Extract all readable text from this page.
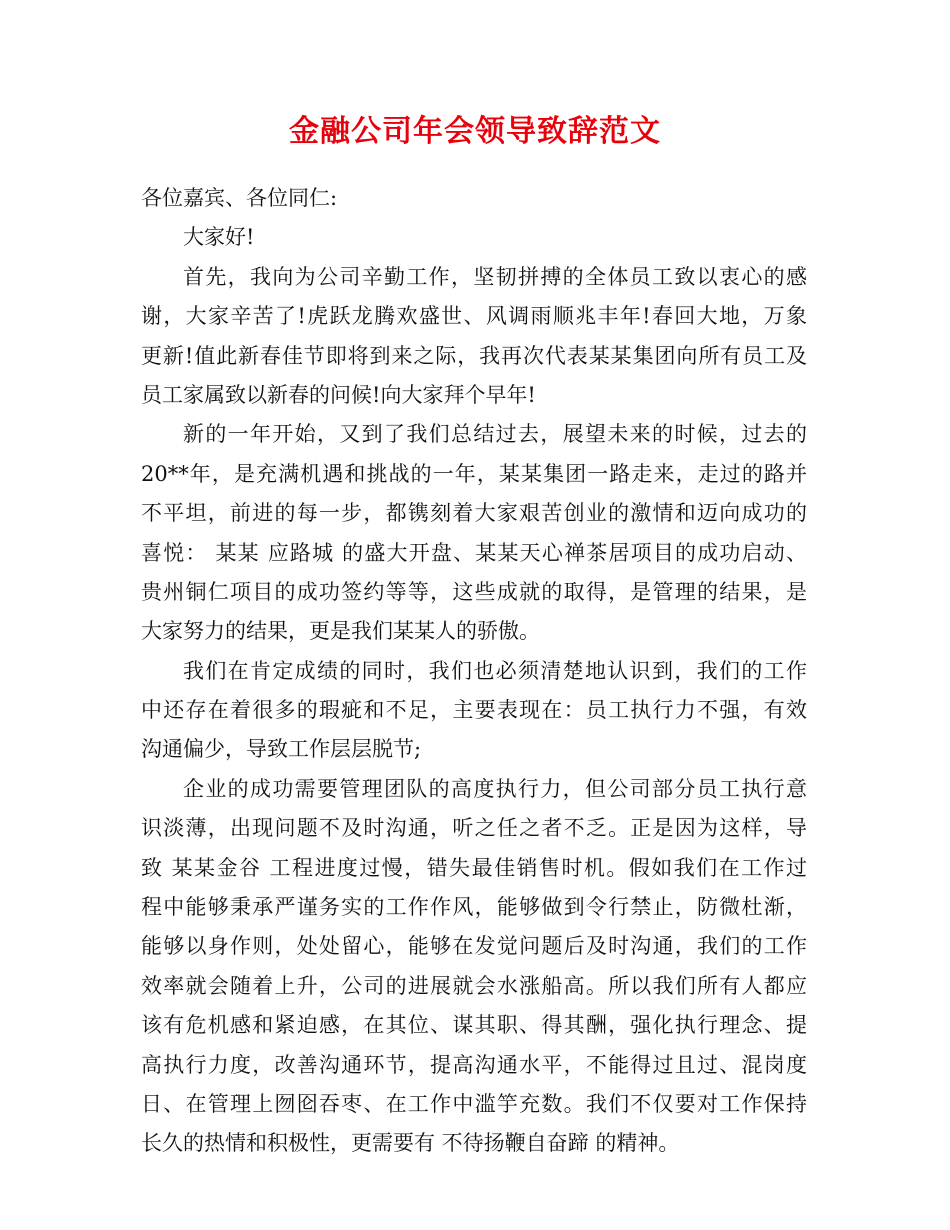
金融公司年会领导致辞范文
各位嘉宾、各位同仁:
大家好!
首先，我向为公司辛勤工作，坚韧拼搏的全体员工致以衷心的感
谢，大家辛苦了!虎跃龙腾欢盛世、风调雨顺兆丰年!春回大地，万象
更新!值此新春佳节即将到来之际，我再次代表某某集团向所有员工及
员工家属致以新春的问候!向大家拜个早年!
新的一年开始，又到了我们总结过去，展望未来的时候，过去的
20**年，是充满机遇和挑战的一年，某某集团一路走来，走过的路并
不平坦，前进的每一步，都镌刻着大家艰苦创业的激情和迈向成功的
喜悦： 某某 应路城 的盛大开盘、某某天心禅茶居项目的成功启动、
贵州铜仁项目的成功签约等等，这些成就的取得，是管理的结果，是
大家努力的结果，更是我们某某人的骄傲。
我们在肯定成绩的同时，我们也必须清楚地认识到，我们的工作
中还存在着很多的瑕疵和不足，主要表现在：员工执行力不强，有效
沟通偏少，导致工作层层脱节;
企业的成功需要管理团队的高度执行力，但公司部分员工执行意
识淡薄，出现问题不及时沟通，听之任之者不乏。正是因为这样，导
致 某某金谷 工程进度过慢，错失最佳销售时机。假如我们在工作过
程中能够秉承严谨务实的工作作风，能够做到令行禁止，防微杜渐，
能够以身作则，处处留心，能够在发觉问题后及时沟通，我们的工作
效率就会随着上升，公司的进展就会水涨船高。所以我们所有人都应
该有危机感和紧迫感，在其位、谋其职、得其酬，强化执行理念、提
高执行力度，改善沟通环节，提高沟通水平，不能得过且过、混岗度
日、在管理上囫囵吞枣、在工作中滥竽充数。我们不仅要对工作保持
长久的热情和积极性，更需要有 不待扬鞭自奋蹄 的精神。
